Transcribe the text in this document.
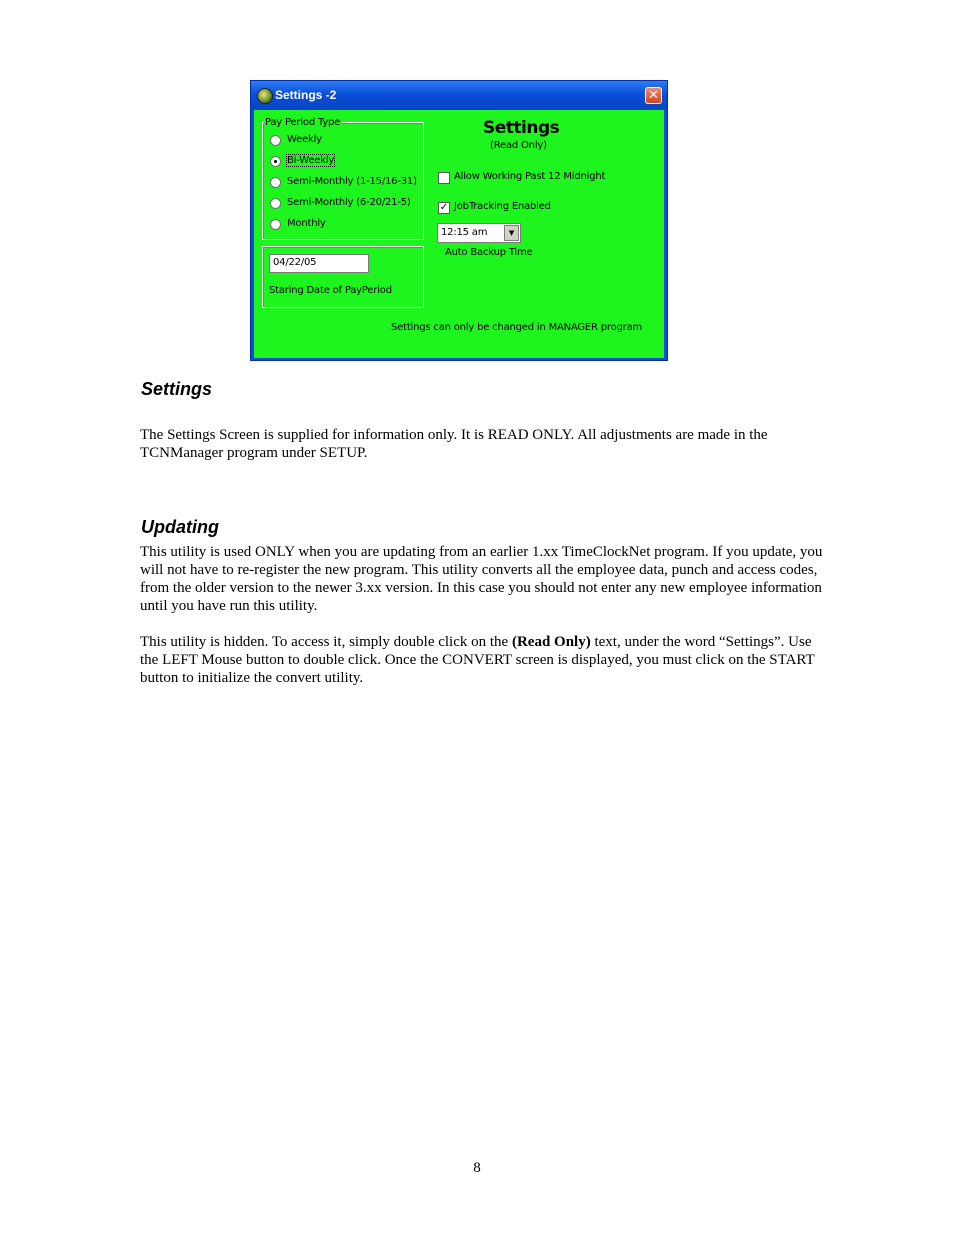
Settings -2	✕
Pay Period Type
Weekly
Bi-Weekly
Semi-Monthly (1-15/16-31)
Semi-Monthly (6-20/21-5)
Monthly
04/22/05
Staring Date of PayPeriod
Settings
(Read Only)
Allow Working Past 12 Midnight
✓ JobTracking Enabled
12:15 am	▼
Auto Backup Time
Settings can only be changed in MANAGER program
Settings
The Settings Screen is supplied for information only. It is READ ONLY. All adjustments are made in the TCNManager program under SETUP.
Updating
This utility is used ONLY when you are updating from an earlier 1.xx TimeClockNet program. If you update, you will not have to re-register the new program. This utility converts all the employee data, punch and access codes, from the older version to the newer 3.xx version. In this case you should not enter any new employee information until you have run this utility.
This utility is hidden. To access it, simply double click on the (Read Only) text, under the word “Settings”. Use the LEFT Mouse button to double click. Once the CONVERT screen is displayed, you must click on the START button to initialize the convert utility.
8
